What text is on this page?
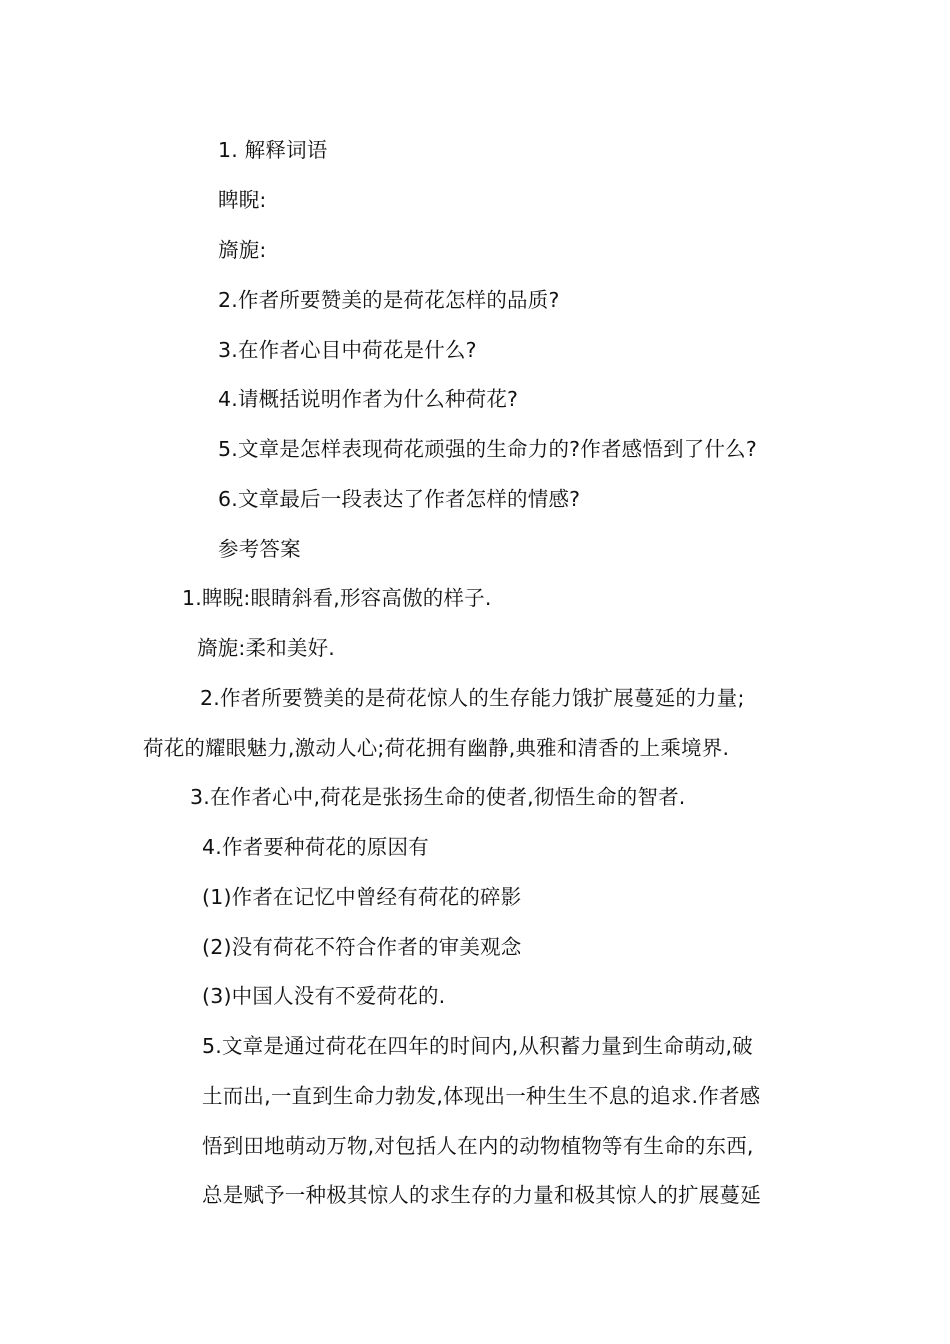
1. 解释词语
睥睨:
旖旎:
2.作者所要赞美的是荷花怎样的品质?
3.在作者心目中荷花是什么?
4.请概括说明作者为什么种荷花?
5.文章是怎样表现荷花顽强的生命力的?作者感悟到了什么?
6.文章最后一段表达了作者怎样的情感?
参考答案
1.睥睨:眼睛斜看,形容高傲的样子.
旖旎:柔和美好.
2.作者所要赞美的是荷花惊人的生存能力饿扩展蔓延的力量;
荷花的耀眼魅力,激动人心;荷花拥有幽静,典雅和清香的上乘境界.
3.在作者心中,荷花是张扬生命的使者,彻悟生命的智者.
4.作者要种荷花的原因有
(1)作者在记忆中曾经有荷花的碎影
(2)没有荷花不符合作者的审美观念
(3)中国人没有不爱荷花的.
5.文章是通过荷花在四年的时间内,从积蓄力量到生命萌动,破
土而出,一直到生命力勃发,体现出一种生生不息的追求.作者感
悟到田地萌动万物,对包括人在内的动物植物等有生命的东西,
总是赋予一种极其惊人的求生存的力量和极其惊人的扩展蔓延
